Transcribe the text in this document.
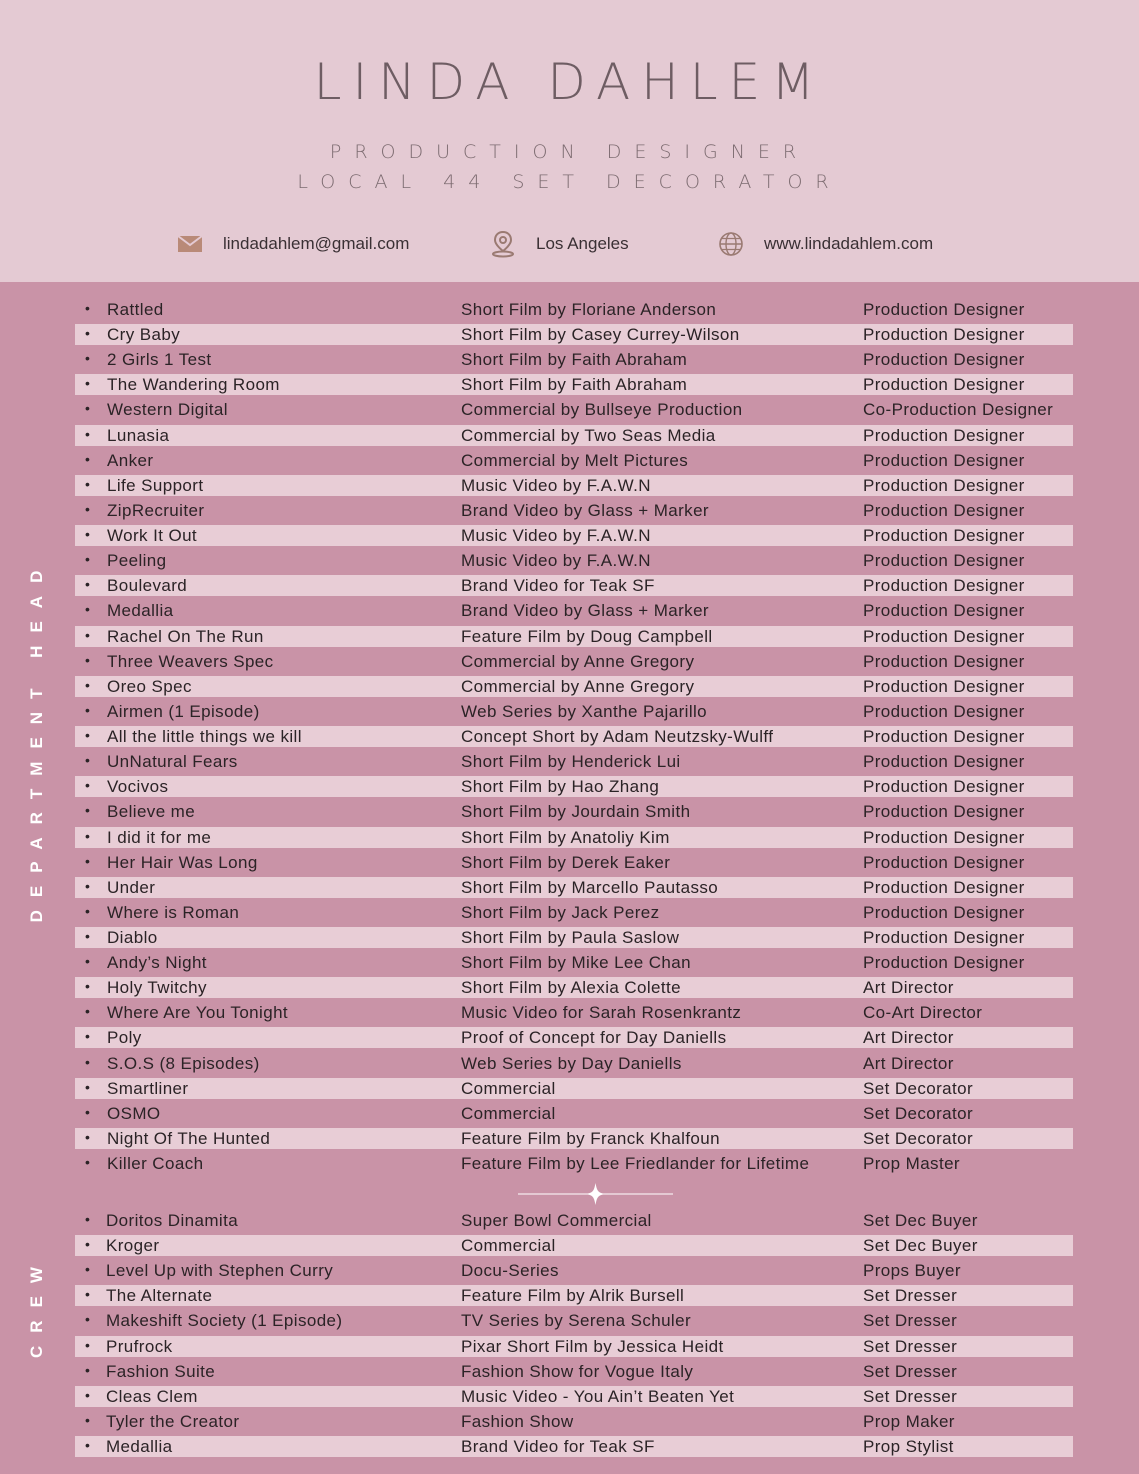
LINDA DAHLEM
PRODUCTION DESIGNER
LOCAL 44 SET DECORATOR
lindadahlem@gmail.com	Los Angeles	www.lindadahlem.com
DEPARTMENT HEAD
CREW
• Rattled	Short Film by Floriane Anderson	Production Designer
• Cry Baby	Short Film by Casey Currey-Wilson	Production Designer
• 2 Girls 1 Test	Short Film by Faith Abraham	Production Designer
• The Wandering Room	Short Film by Faith Abraham	Production Designer
• Western Digital	Commercial by Bullseye Production	Co-Production Designer
• Lunasia	Commercial by Two Seas Media	Production Designer
• Anker	Commercial by Melt Pictures	Production Designer
• Life Support	Music Video by F.A.W.N	Production Designer
• ZipRecruiter	Brand Video by Glass + Marker	Production Designer
• Work It Out	Music Video by F.A.W.N	Production Designer
• Peeling	Music Video by F.A.W.N	Production Designer
• Boulevard	Brand Video for Teak SF	Production Designer
• Medallia	Brand Video by Glass + Marker	Production Designer
• Rachel On The Run	Feature Film by Doug Campbell	Production Designer
• Three Weavers Spec	Commercial by Anne Gregory	Production Designer
• Oreo Spec	Commercial by Anne Gregory	Production Designer
• Airmen (1 Episode)	Web Series by Xanthe Pajarillo	Production Designer
• All the little things we kill	Concept Short by Adam Neutzsky-Wulff	Production Designer
• UnNatural Fears	Short Film by Henderick Lui	Production Designer
• Vocivos	Short Film by Hao Zhang	Production Designer
• Believe me	Short Film by Jourdain Smith	Production Designer
• I did it for me	Short Film by Anatoliy Kim	Production Designer
• Her Hair Was Long	Short Film by Derek Eaker	Production Designer
• Under	Short Film by Marcello Pautasso	Production Designer
• Where is Roman	Short Film by Jack Perez	Production Designer
• Diablo	Short Film by Paula Saslow	Production Designer
• Andy’s Night	Short Film by Mike Lee Chan	Production Designer
• Holy Twitchy	Short Film by Alexia Colette	Art Director
• Where Are You Tonight	Music Video for Sarah Rosenkrantz	Co-Art Director
• Poly	Proof of Concept for Day Daniells	Art Director
• S.O.S (8 Episodes)	Web Series by Day Daniells	Art Director
• Smartliner	Commercial	Set Decorator
• OSMO	Commercial	Set Decorator
• Night Of The Hunted	Feature Film by Franck Khalfoun	Set Decorator
• Killer Coach	Feature Film by Lee Friedlander for Lifetime	Prop Master
• Doritos Dinamita	Super Bowl Commercial	Set Dec Buyer
• Kroger	Commercial	Set Dec Buyer
• Level Up with Stephen Curry	Docu-Series	Props Buyer
• The Alternate	Feature Film by Alrik Bursell	Set Dresser
• Makeshift Society (1 Episode)	TV Series by Serena Schuler	Set Dresser
• Prufrock	Pixar Short Film by Jessica Heidt	Set Dresser
• Fashion Suite	Fashion Show for Vogue Italy	Set Dresser
• Cleas Clem	Music Video - You Ain’t Beaten Yet	Set Dresser
• Tyler the Creator	Fashion Show	Prop Maker
• Medallia	Brand Video for Teak SF	Prop Stylist
